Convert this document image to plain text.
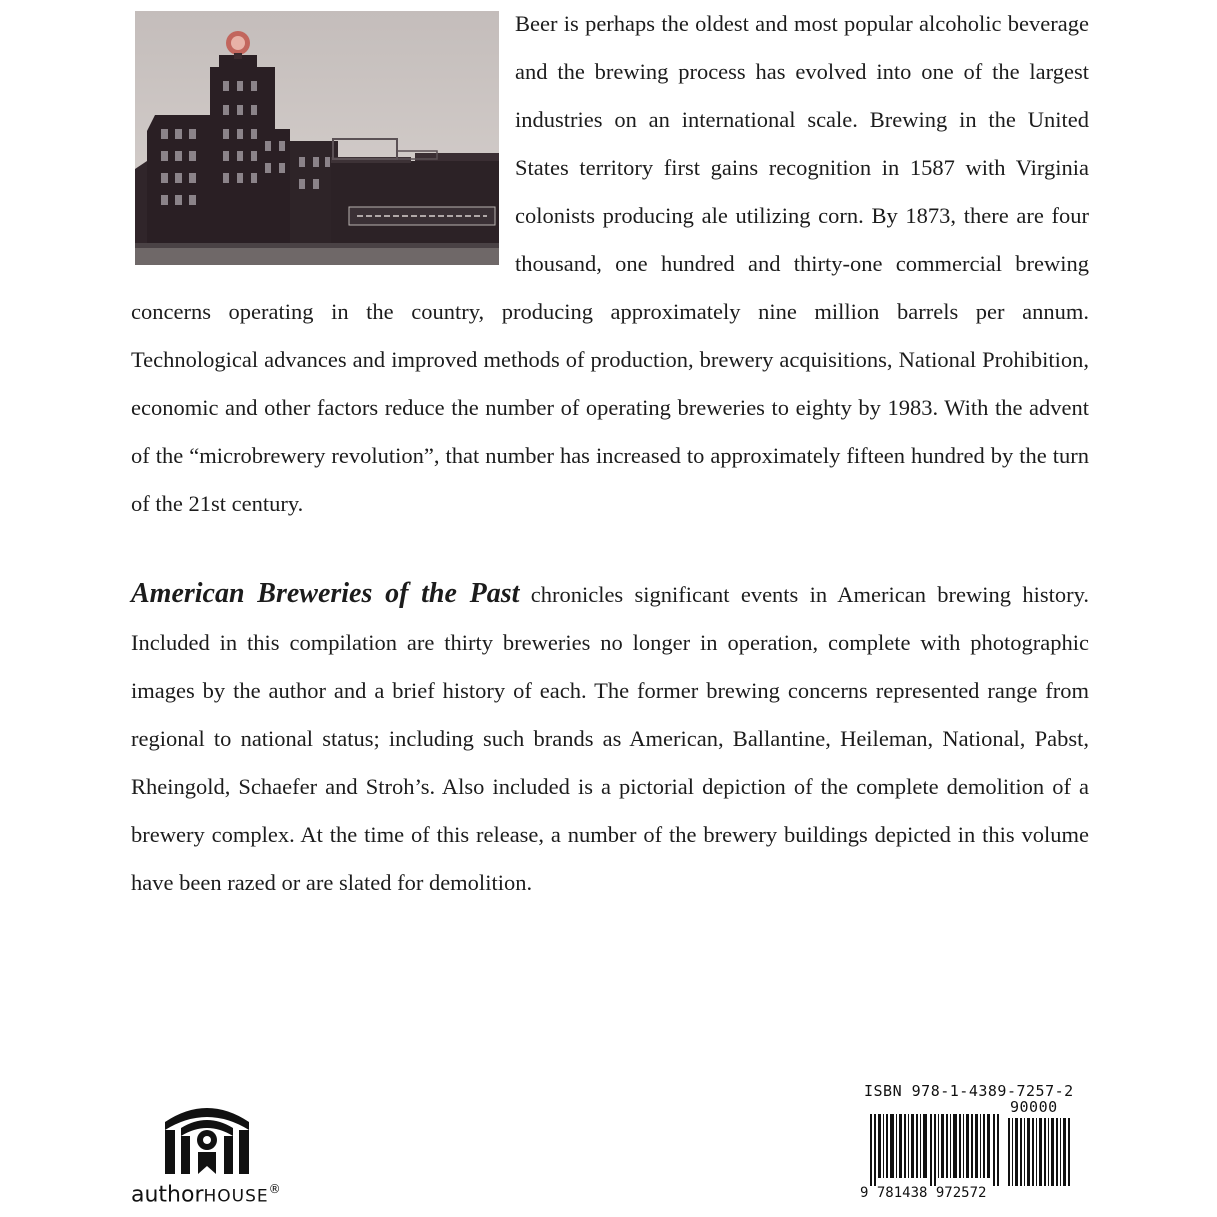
Beer is perhaps the oldest and most popular alcoholic beverage and the brewing process has evolved into one of the largest industries on an international scale. Brewing in the United States territory first gains recognition in 1587 with Virginia colonists producing ale utilizing corn. By 1873, there are four thousand, one hundred and thirty-one commercial brewing concerns operating in the country, producing approximately nine million barrels per annum. Technological advances and improved methods of production, brewery acquisitions, National Prohibition, economic and other factors reduce the number of operating breweries to eighty by 1983. With the advent of the “microbrewery revolution”, that number has increased to approximately fifteen hundred by the turn of the 21st century.

American Breweries of the Past chronicles significant events in American brewing history. Included in this compilation are thirty breweries no longer in operation, complete with photographic images by the author and a brief history of each. The former brewing concerns represented range from regional to national status; including such brands as American, Ballantine, Heileman, National, Pabst, Rheingold, Schaefer and Stroh’s. Also included is a pictorial depiction of the complete demolition of a brewery complex. At the time of this release, a number of the brewery buildings depicted in this volume have been razed or are slated for demolition.

authorHOUSE®
ISBN 978-1-4389-7257-2
90000
9 781438 972572
